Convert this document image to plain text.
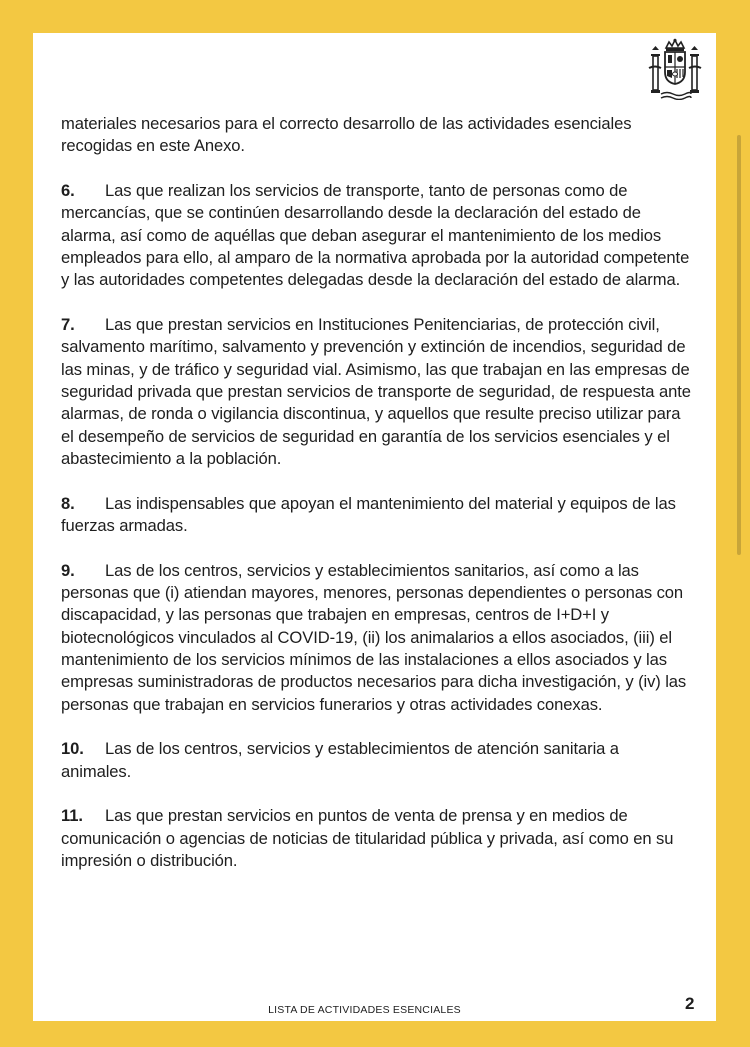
materiales necesarios para el correcto desarrollo de las actividades esenciales recogidas en este Anexo.

6. Las que realizan los servicios de transporte, tanto de personas como de mercancías, que se continúen desarrollando desde la declaración del estado de alarma, así como de aquéllas que deban asegurar el mantenimiento de los medios empleados para ello, al amparo de la normativa aprobada por la autoridad competente y las autoridades competentes delegadas desde la declaración del estado de alarma.

7. Las que prestan servicios en Instituciones Penitenciarias, de protección civil, salvamento marítimo, salvamento y prevención y extinción de incendios, seguridad de las minas, y de tráfico y seguridad vial. Asimismo, las que trabajan en las empresas de seguridad privada que prestan servicios de transporte de seguridad, de respuesta ante alarmas, de ronda o vigilancia discontinua, y aquellos que resulte preciso utilizar para el desempeño de servicios de seguridad en garantía de los servicios esenciales y el abastecimiento a la población.

8. Las indispensables que apoyan el mantenimiento del material y equipos de las fuerzas armadas.

9. Las de los centros, servicios y establecimientos sanitarios, así como a las personas que (i) atiendan mayores, menores, personas dependientes o personas con discapacidad, y las personas que trabajen en empresas, centros de I+D+I y biotecnológicos vinculados al COVID-19, (ii) los animalarios a ellos asociados, (iii) el mantenimiento de los servicios mínimos de las instalaciones a ellos asociados y las empresas suministradoras de productos necesarios para dicha investigación, y (iv) las personas que trabajan en servicios funerarios y otras actividades conexas.

10. Las de los centros, servicios y establecimientos de atención sanitaria a animales.

11. Las que prestan servicios en puntos de venta de prensa y en medios de comunicación o agencias de noticias de titularidad pública y privada, así como en su impresión o distribución.

LISTA DE ACTIVIDADES ESENCIALES	2
